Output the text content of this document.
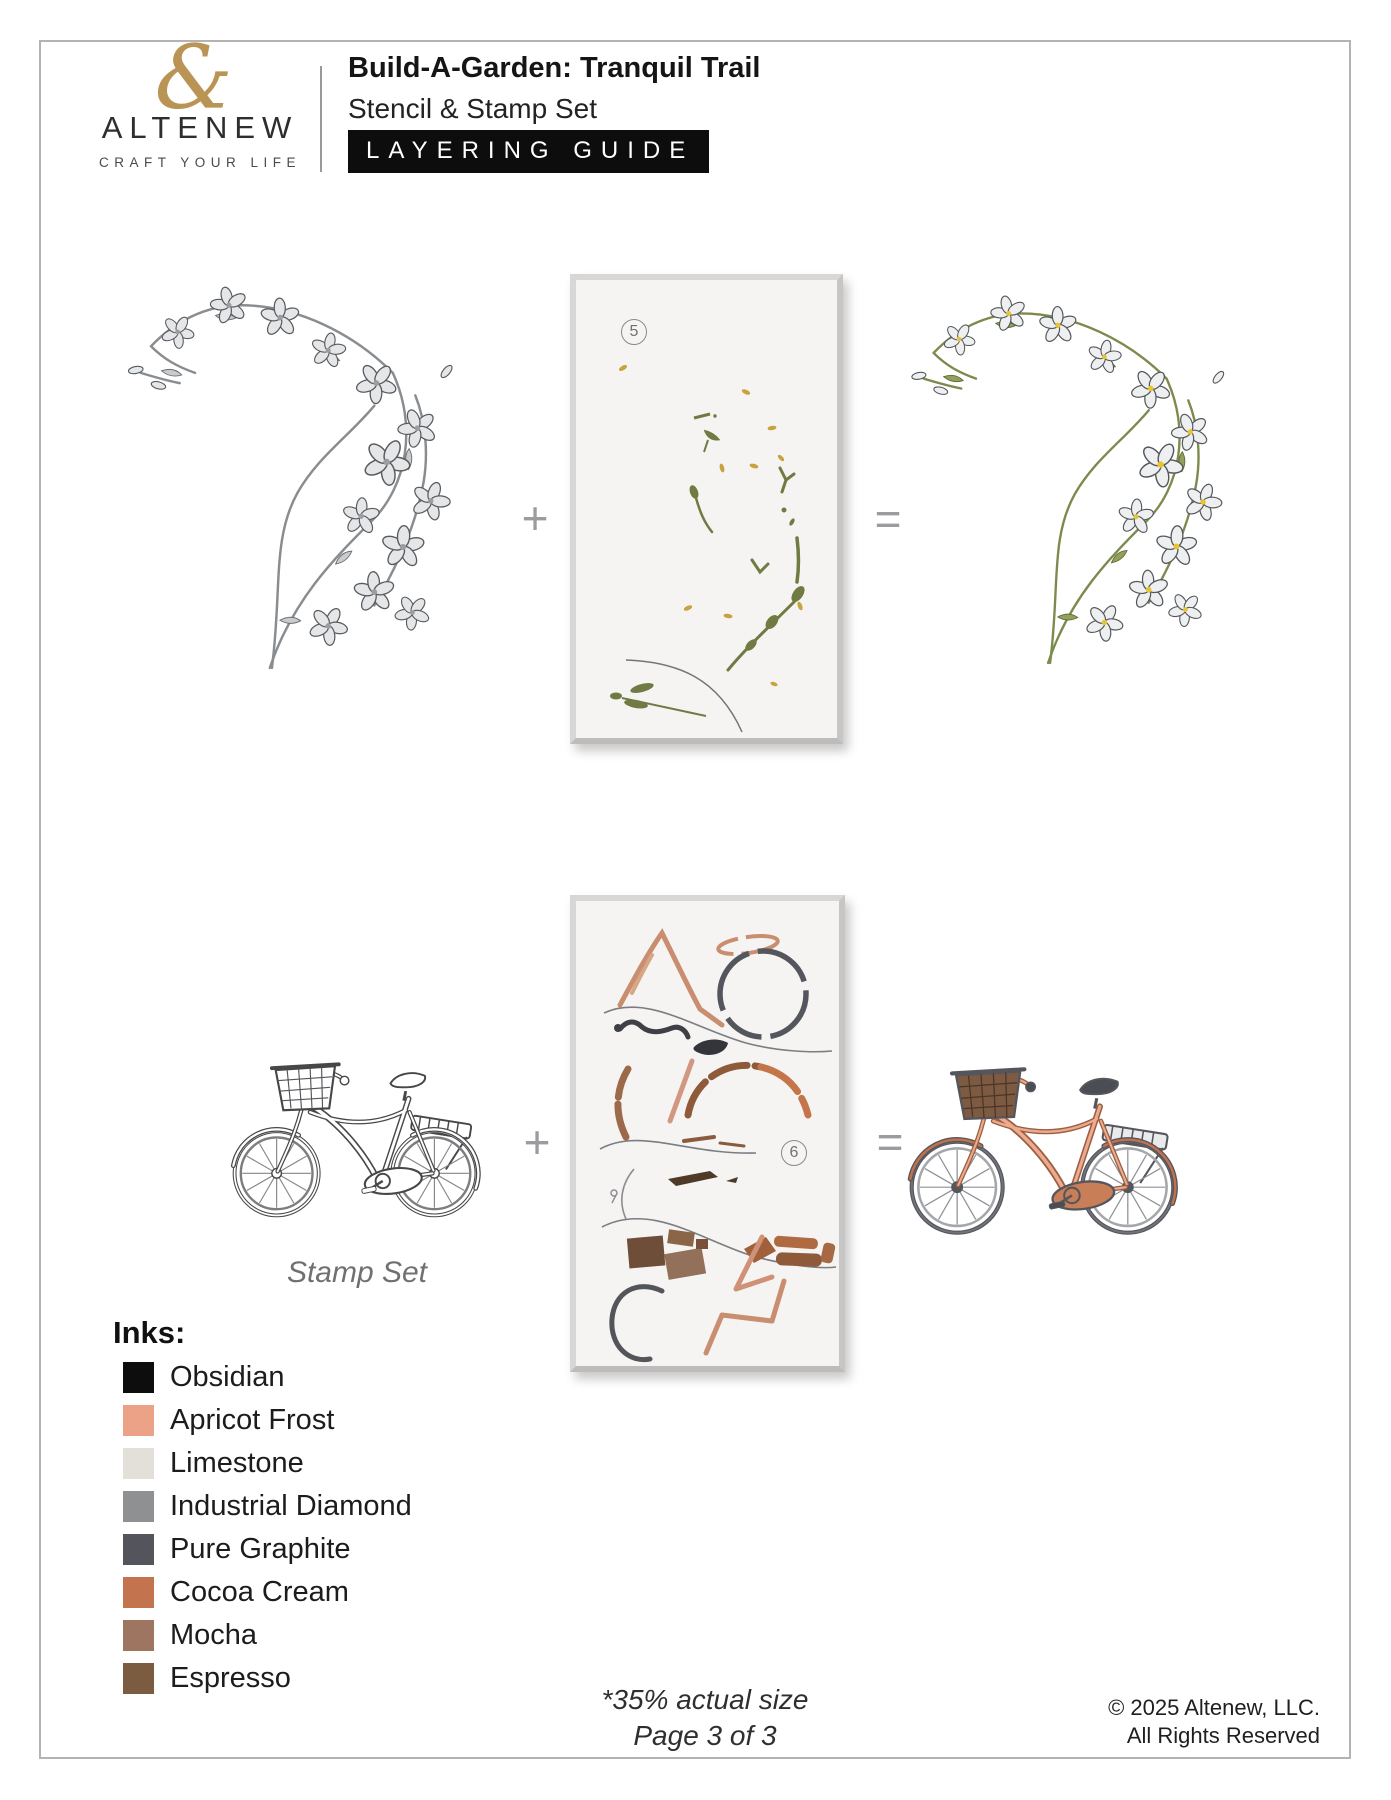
&
ALTENEW
CRAFT YOUR LIFE
Build-A-Garden: Tranquil Trail
Stencil & Stamp Set
LAYERING GUIDE
+
5
=
Stamp Set
+	6 =
Inks:
Obsidian
Apricot Frost
Limestone
Industrial Diamond
Pure Graphite
Cocoa Cream
Mocha
Espresso
*35% actual size
Page 3 of 3
© 2025 Altenew, LLC.
All Rights Reserved
